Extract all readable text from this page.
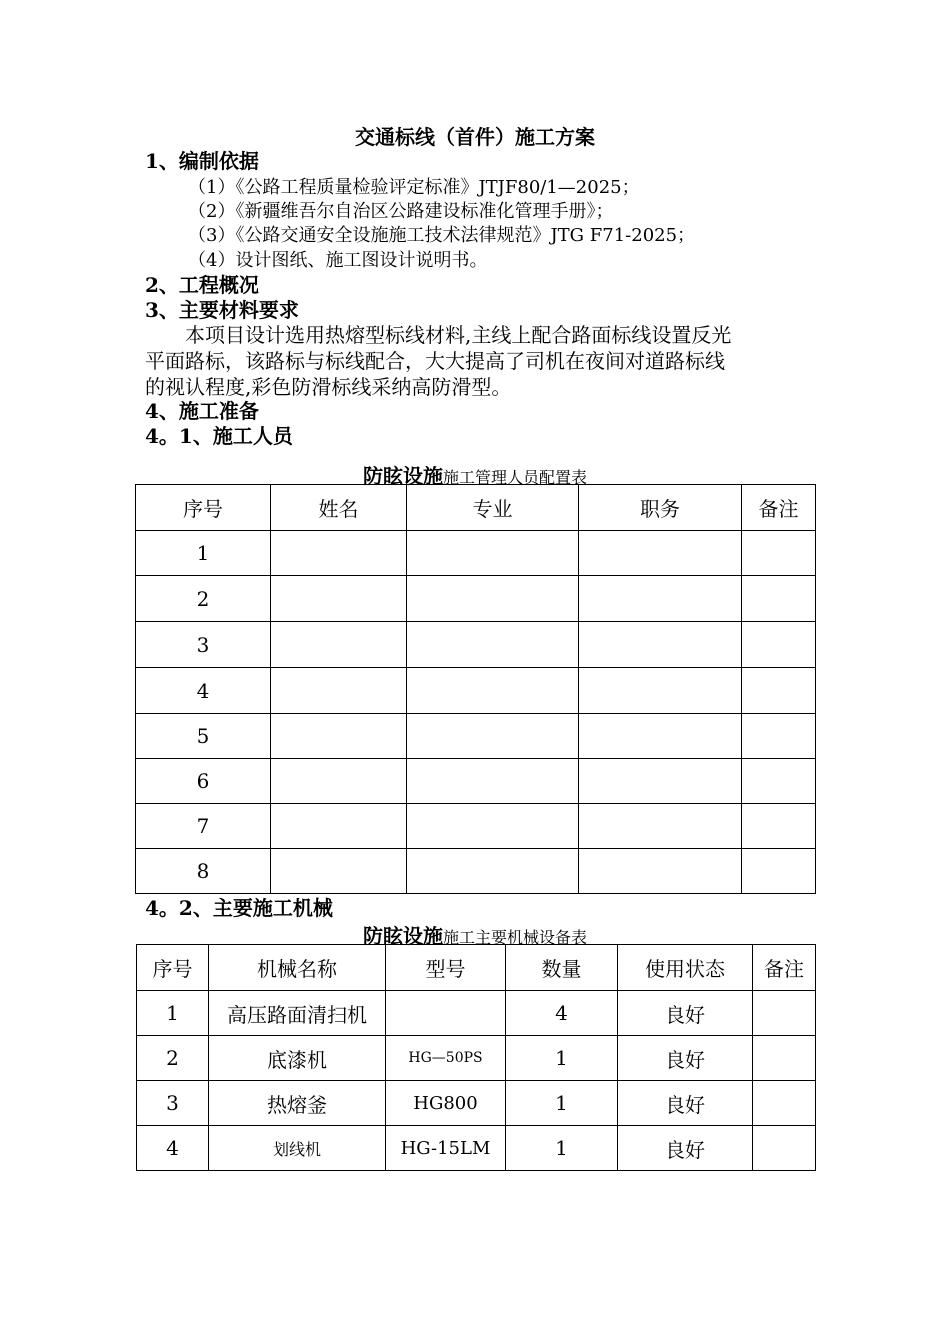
交通标线（首件）施工方案
1、编制依据
（1）《公路工程质量检验评定标准》JTJF80/1—2025；
（2）《新疆维吾尔自治区公路建设标准化管理手册》；
（3）《公路交通安全设施施工技术法律规范》JTG F71-2025；
（4）设计图纸、施工图设计说明书。
2、工程概况
3、主要材料要求
本项目设计选用热熔型标线材料,主线上配合路面标线设置反光
平面路标，该路标与标线配合，大大提高了司机在夜间对道路标线
的视认程度,彩色防滑标线采纳高防滑型。
4、施工准备
4。1、施工人员
防眩设施施工管理人员配置表
序号	姓名	专业	职务	备注
1				
2				
3				
4				
5				
6				
7				
8				
4。2、主要施工机械
防眩设施施工主要机械设备表
序号	机械名称	型号	数量	使用状态	备注
1	高压路面清扫机		4	良好	
2	底漆机	HG—50PS	1	良好	
3	热熔釜	HG800	1	良好	
4	划线机	HG-15LM	1	良好	
